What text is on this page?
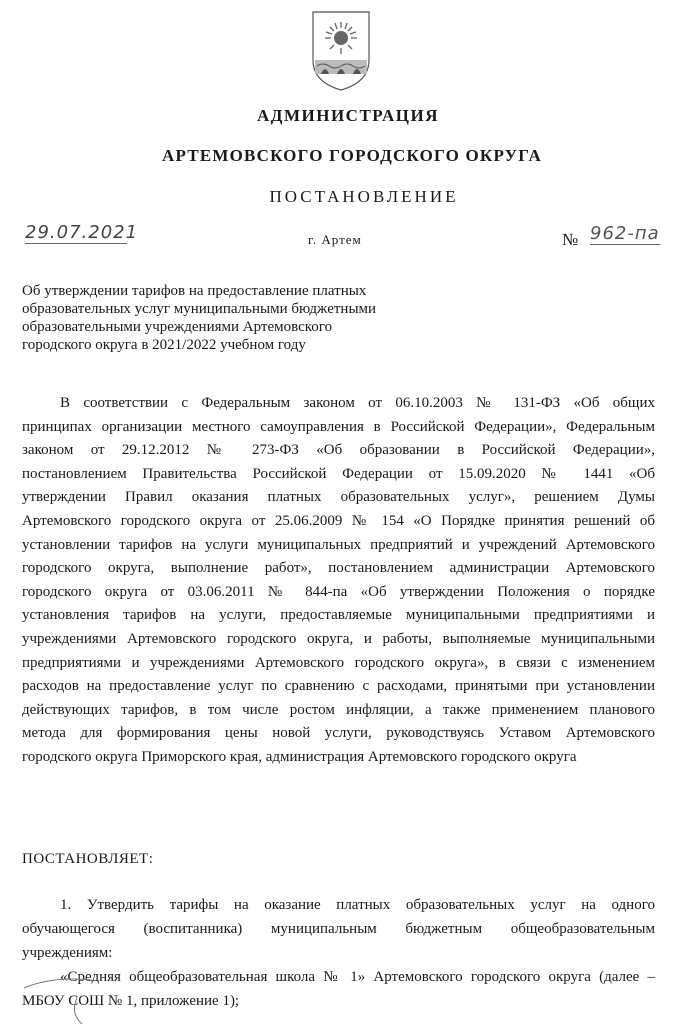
АДМИНИСТРАЦИЯ
АРТЕМОВСКОГО ГОРОДСКОГО ОКРУГА
ПОСТАНОВЛЕНИЕ
29.07.2021	г. Артем	№ 962-па
Об утверждении тарифов на предоставление платных
образовательных услуг муниципальными бюджетными
образовательными учреждениями Артемовского
городского округа в 2021/2022 учебном году
В соответствии с Федеральным законом от 06.10.2003 № 131-ФЗ «Об общих
принципах организации местного самоуправления в Российской Федерации», Федеральным
законом от 29.12.2012 № 273-ФЗ «Об образовании в Российской Федерации»,
постановлением Правительства Российской Федерации от 15.09.2020 № 1441 «Об
утверждении Правил оказания платных образовательных услуг», решением Думы
Артемовского городского округа от 25.06.2009 № 154 «О Порядке принятия решений об
установлении тарифов на услуги муниципальных предприятий и учреждений Артемовского
городского округа, выполнение работ», постановлением администрации Артемовского
городского округа от 03.06.2011 № 844-па «Об утверждении Положения о порядке
установления тарифов на услуги, предоставляемые муниципальными предприятиями и
учреждениями Артемовского городского округа, и работы, выполняемые муниципальными
предприятиями и учреждениями Артемовского городского округа», в связи с изменением
расходов на предоставление услуг по сравнению с расходами, принятыми при установлении
действующих тарифов, в том числе ростом инфляции, а также применением планового
метода для формирования цены новой услуги, руководствуясь Уставом Артемовского
городского округа Приморского края, администрация Артемовского городского округа
ПОСТАНОВЛЯЕТ:
1. Утвердить тарифы на оказание платных образовательных услуг на одного
обучающегося (воспитанника) муниципальным бюджетным общеобразовательным
учреждениям:
«Средняя общеобразовательная школа № 1» Артемовского городского округа (далее –
МБОУ СОШ № 1, приложение 1);
